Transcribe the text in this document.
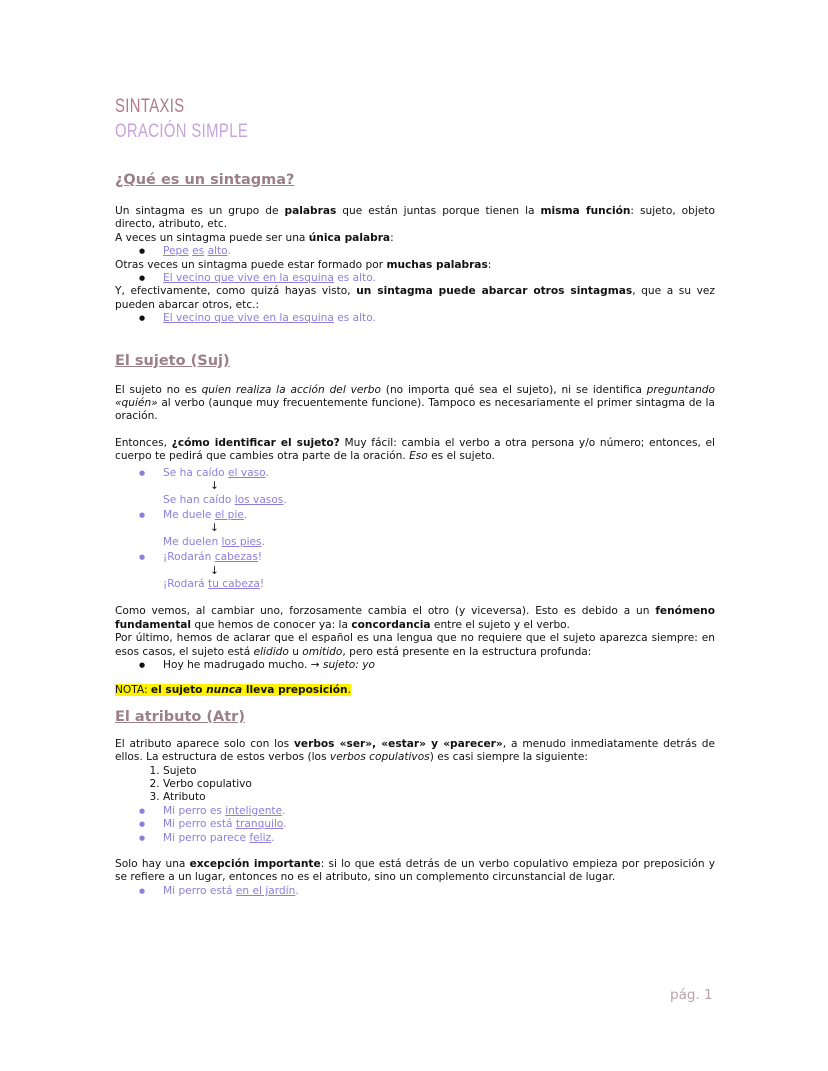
SINTAXIS
ORACIÓN SIMPLE
¿Qué es un sintagma?

Un sintagma es un grupo de palabras que están juntas porque tienen la misma función: sujeto, objeto directo, atributo, etc.

A veces un sintagma puede ser una única palabra:

● Pepe es alto.

Otras veces un sintagma puede estar formado por muchas palabras:

● El vecino que vive en la esquina es alto.

Y, efectivamente, como quizá hayas visto, un sintagma puede abarcar otros sintagmas, que a su vez pueden abarcar otros, etc.:

● El vecino que vive en la esquina es alto.
El sujeto (Suj)

El sujeto no es quien realiza la acción del verbo (no importa qué sea el sujeto), ni se identifica preguntando «quién» al verbo (aunque muy frecuentemente funcione). Tampoco es necesariamente el primer sintagma de la oración.

Entonces, ¿cómo identificar el sujeto? Muy fácil: cambia el verbo a otra persona y/o número; entonces, el cuerpo te pedirá que cambies otra parte de la oración. Eso es el sujeto.

● Se ha caído el vaso.
↓
Se han caído los vasos.
● Me duele el pie.
↓
Me duelen los pies.
● ¡Rodarán cabezas!
↓
¡Rodará tu cabeza!

Como vemos, al cambiar uno, forzosamente cambia el otro (y viceversa). Esto es debido a un fenómeno fundamental que hemos de conocer ya: la concordancia entre el sujeto y el verbo.

Por último, hemos de aclarar que el español es una lengua que no requiere que el sujeto aparezca siempre: en esos casos, el sujeto está elidido u omitido, pero está presente en la estructura profunda:

● Hoy he madrugado mucho. → sujeto: yo

NOTA: el sujeto nunca lleva preposición.

El atributo (Atr)

El atributo aparece solo con los verbos «ser», «estar» y «parecer», a menudo inmediatamente detrás de ellos. La estructura de estos verbos (los verbos copulativos) es casi siempre la siguiente:

1. Sujeto
2. Verbo copulativo
3. Atributo
● Mi perro es inteligente.
● Mi perro está tranquilo.
● Mi perro parece feliz.

Solo hay una excepción importante: si lo que está detrás de un verbo copulativo empieza por preposición y se refiere a un lugar, entonces no es el atributo, sino un complemento circunstancial de lugar.

● Mi perro está en el jardín.
pág. 1
